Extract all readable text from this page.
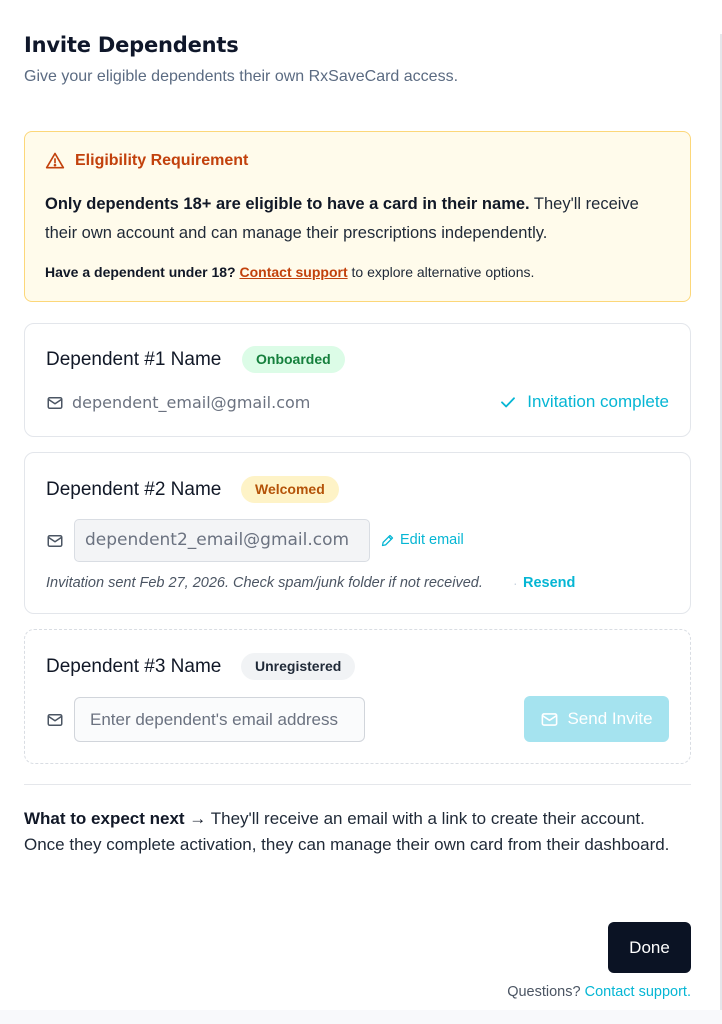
Invite Dependents

Give your eligible dependents their own RxSaveCard access.

Eligibility Requirement

Only dependents 18+ are eligible to have a card in their name. They'll receive their own account and can manage their prescriptions independently.

Have a dependent under 18? Contact support to explore alternative options.

Dependent #1 Name	Onboarded
dependent_email@gmail.com	Invitation complete
Dependent #2 Name	Welcomed
dependent2_email@gmail.com	Edit email
Invitation sent Feb 27, 2026. Check spam/junk folder if not received. · Resend
Dependent #3 Name	Unregistered
Enter dependent's email address
Send Invite

What to expect next → They'll receive an email with a link to create their account. Once they complete activation, they can manage their own card from their dashboard.

Done

Questions? Contact support.
